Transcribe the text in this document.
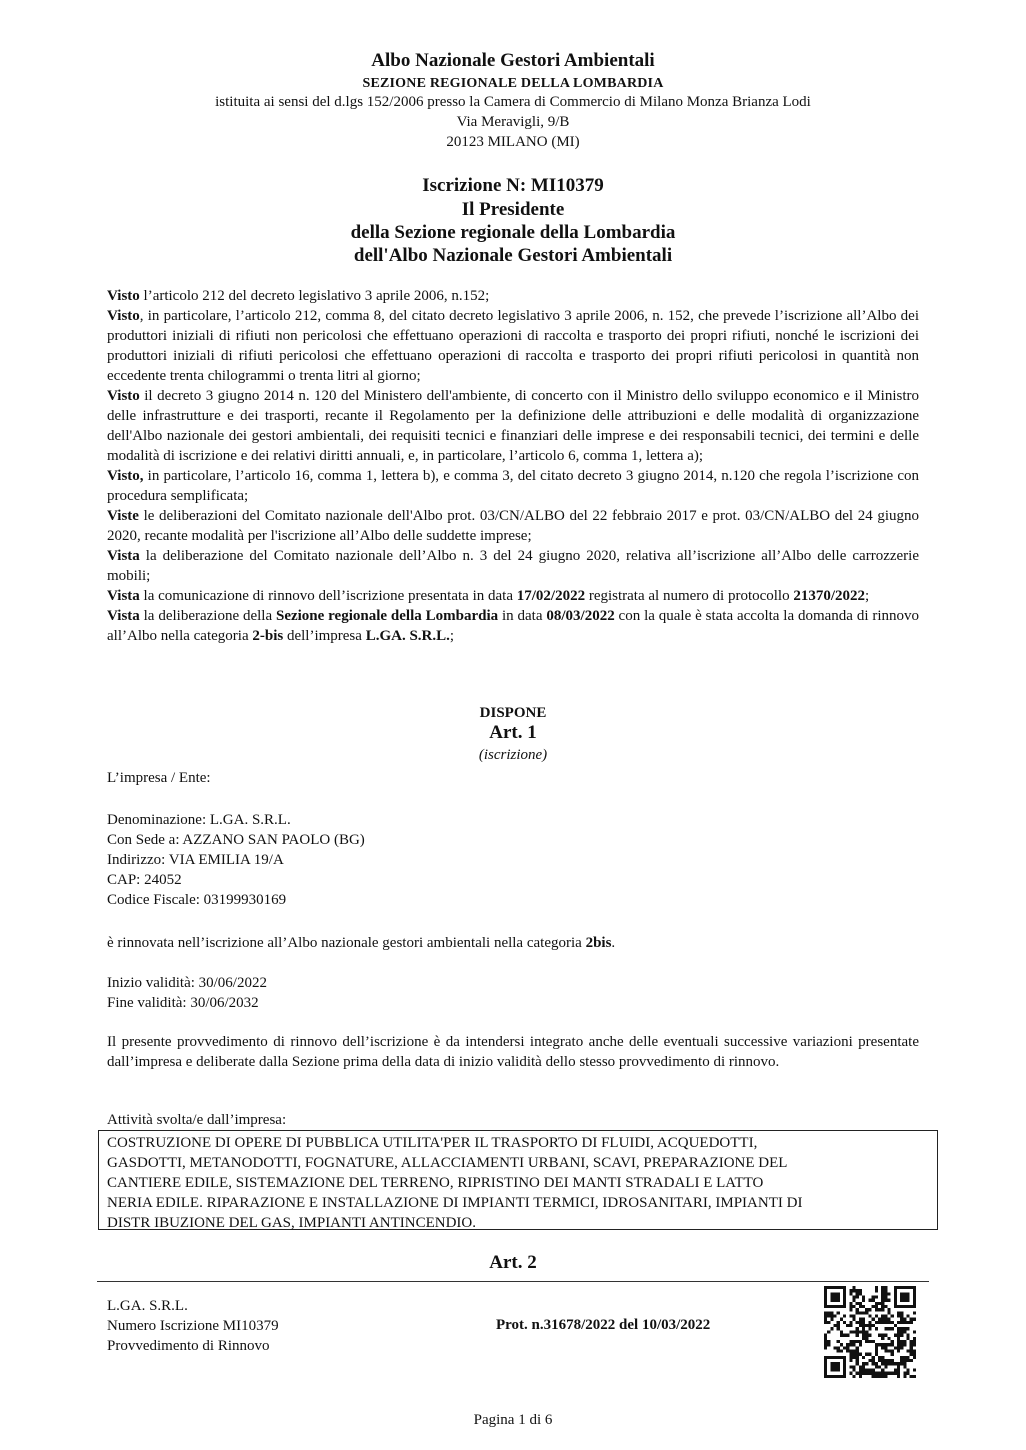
Albo Nazionale Gestori Ambientali
SEZIONE REGIONALE DELLA LOMBARDIA
istituita ai sensi del d.lgs 152/2006 presso la Camera di Commercio di Milano Monza Brianza Lodi
Via Meravigli, 9/B
20123 MILANO (MI)
Iscrizione N: MI10379
Il Presidente
della Sezione regionale della Lombardia
dell'Albo Nazionale Gestori Ambientali

Visto l’articolo 212 del decreto legislativo 3 aprile 2006, n.152;

Visto, in particolare, l’articolo 212, comma 8, del citato decreto legislativo 3 aprile 2006, n. 152, che prevede l’iscrizione all’Albo dei produttori iniziali di rifiuti non pericolosi che effettuano operazioni di raccolta e trasporto dei propri rifiuti, nonché le iscrizioni dei produttori iniziali di rifiuti pericolosi che effettuano operazioni di raccolta e trasporto dei propri rifiuti pericolosi in quantità non eccedente trenta chilogrammi o trenta litri al giorno;

Visto il decreto 3 giugno 2014 n. 120 del Ministero dell'ambiente, di concerto con il Ministro dello sviluppo economico e il Ministro delle infrastrutture e dei trasporti, recante il Regolamento per la definizione delle attribuzioni e delle modalità di organizzazione dell'Albo nazionale dei gestori ambientali, dei requisiti tecnici e finanziari delle imprese e dei responsabili tecnici, dei termini e delle modalità di iscrizione e dei relativi diritti annuali, e, in particolare, l’articolo 6, comma 1, lettera a);

Visto, in particolare, l’articolo 16, comma 1, lettera b), e comma 3, del citato decreto 3 giugno 2014, n.120 che regola l’iscrizione con procedura semplificata;

Viste le deliberazioni del Comitato nazionale dell'Albo prot. 03/CN/ALBO del 22 febbraio 2017 e prot. 03/CN/ALBO del 24 giugno 2020, recante modalità per l'iscrizione all’Albo delle suddette imprese;

Vista la deliberazione del Comitato nazionale dell’Albo n. 3 del 24 giugno 2020, relativa all’iscrizione all’Albo delle carrozzerie mobili;

Vista la comunicazione di rinnovo dell’iscrizione presentata in data 17/02/2022 registrata al numero di protocollo 21370/2022;

Vista la deliberazione della Sezione regionale della Lombardia in data 08/03/2022 con la quale è stata accolta la domanda di rinnovo all’Albo nella categoria 2-bis dell’impresa L.GA. S.R.L.;

DISPONE
Art. 1
(iscrizione)
L’impresa / Ente:
Denominazione: L.GA. S.R.L.
Con Sede a: AZZANO SAN PAOLO (BG)
Indirizzo: VIA EMILIA 19/A
CAP: 24052
Codice Fiscale: 03199930169
è rinnovata nell’iscrizione all’Albo nazionale gestori ambientali nella categoria 2bis.
Inizio validità: 30/06/2022
Fine validità: 30/06/2032
Il presente provvedimento di rinnovo dell’iscrizione è da intendersi integrato anche delle eventuali successive variazioni presentate dall’impresa e deliberate dalla Sezione prima della data di inizio validità dello stesso provvedimento di rinnovo.
Attività svolta/e dall’impresa:
COSTRUZIONE DI OPERE DI PUBBLICA UTILITA'PER IL TRASPORTO DI FLUIDI, ACQUEDOTTI,
GASDOTTI, METANODOTTI, FOGNATURE, ALLACCIAMENTI URBANI, SCAVI, PREPARAZIONE DEL
CANTIERE EDILE, SISTEMAZIONE DEL TERRENO, RIPRISTINO DEI MANTI STRADALI E LATTO
NERIA EDILE. RIPARAZIONE E INSTALLAZIONE DI IMPIANTI TERMICI, IDROSANITARI, IMPIANTI DI
DISTR IBUZIONE DEL GAS, IMPIANTI ANTINCENDIO.
Art. 2
L.GA. S.R.L.
Numero Iscrizione MI10379
Provvedimento di Rinnovo
Prot. n.31678/2022 del 10/03/2022
Pagina 1 di 6
